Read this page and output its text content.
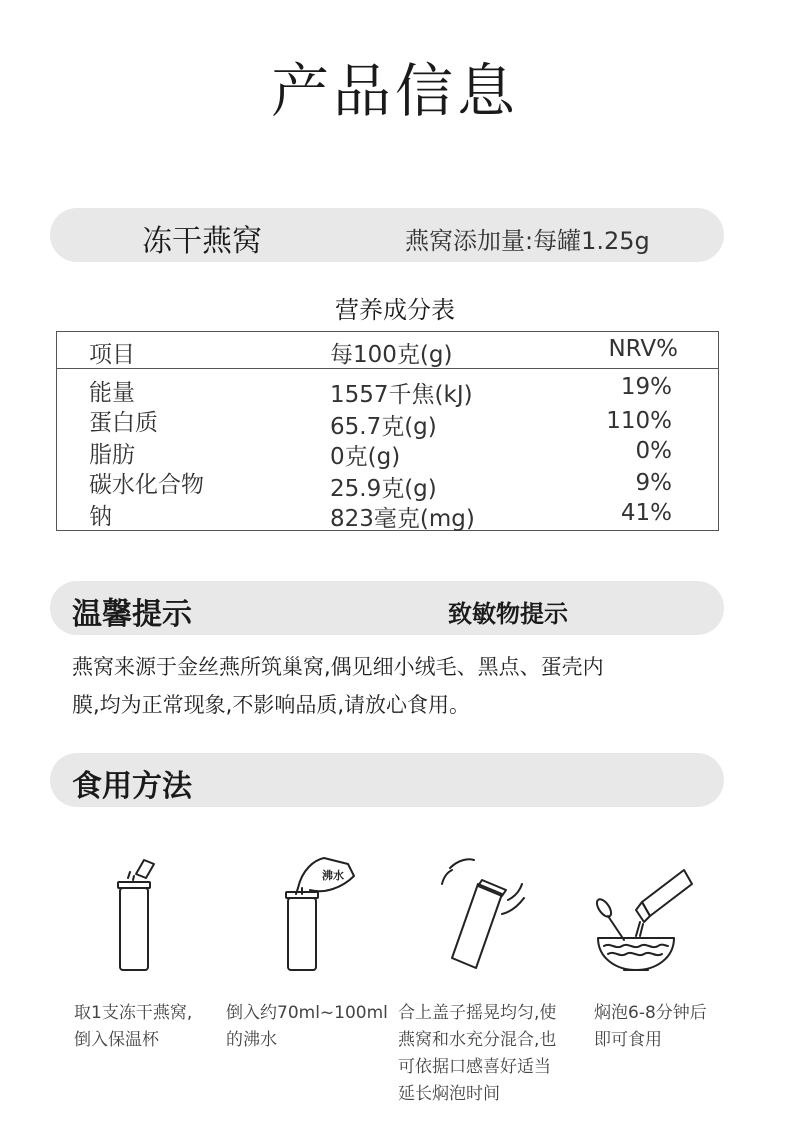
产品信息
冻干燕窝	燕窝添加量:每罐1.25g
营养成分表
项目	每100克(g)	NRV%
能量	1557千焦(kJ)	19%
蛋白质	65.7克(g)	110%
脂肪	0克(g)	0%
碳水化合物	25.9克(g)	9%
钠	823毫克(mg)	41%
温馨提示	致敏物提示
燕窝来源于金丝燕所筑巢窝,偶见细小绒毛、黑点、蛋壳内
膜,均为正常现象,不影响品质,请放心食用。
食用方法
沸水
取1支冻干燕窝,
倒入保温杯
倒入约70ml~100ml
的沸水
合上盖子摇晃均匀,使
燕窝和水充分混合,也
可依据口感喜好适当
延长焖泡时间
焖泡6-8分钟后
即可食用
